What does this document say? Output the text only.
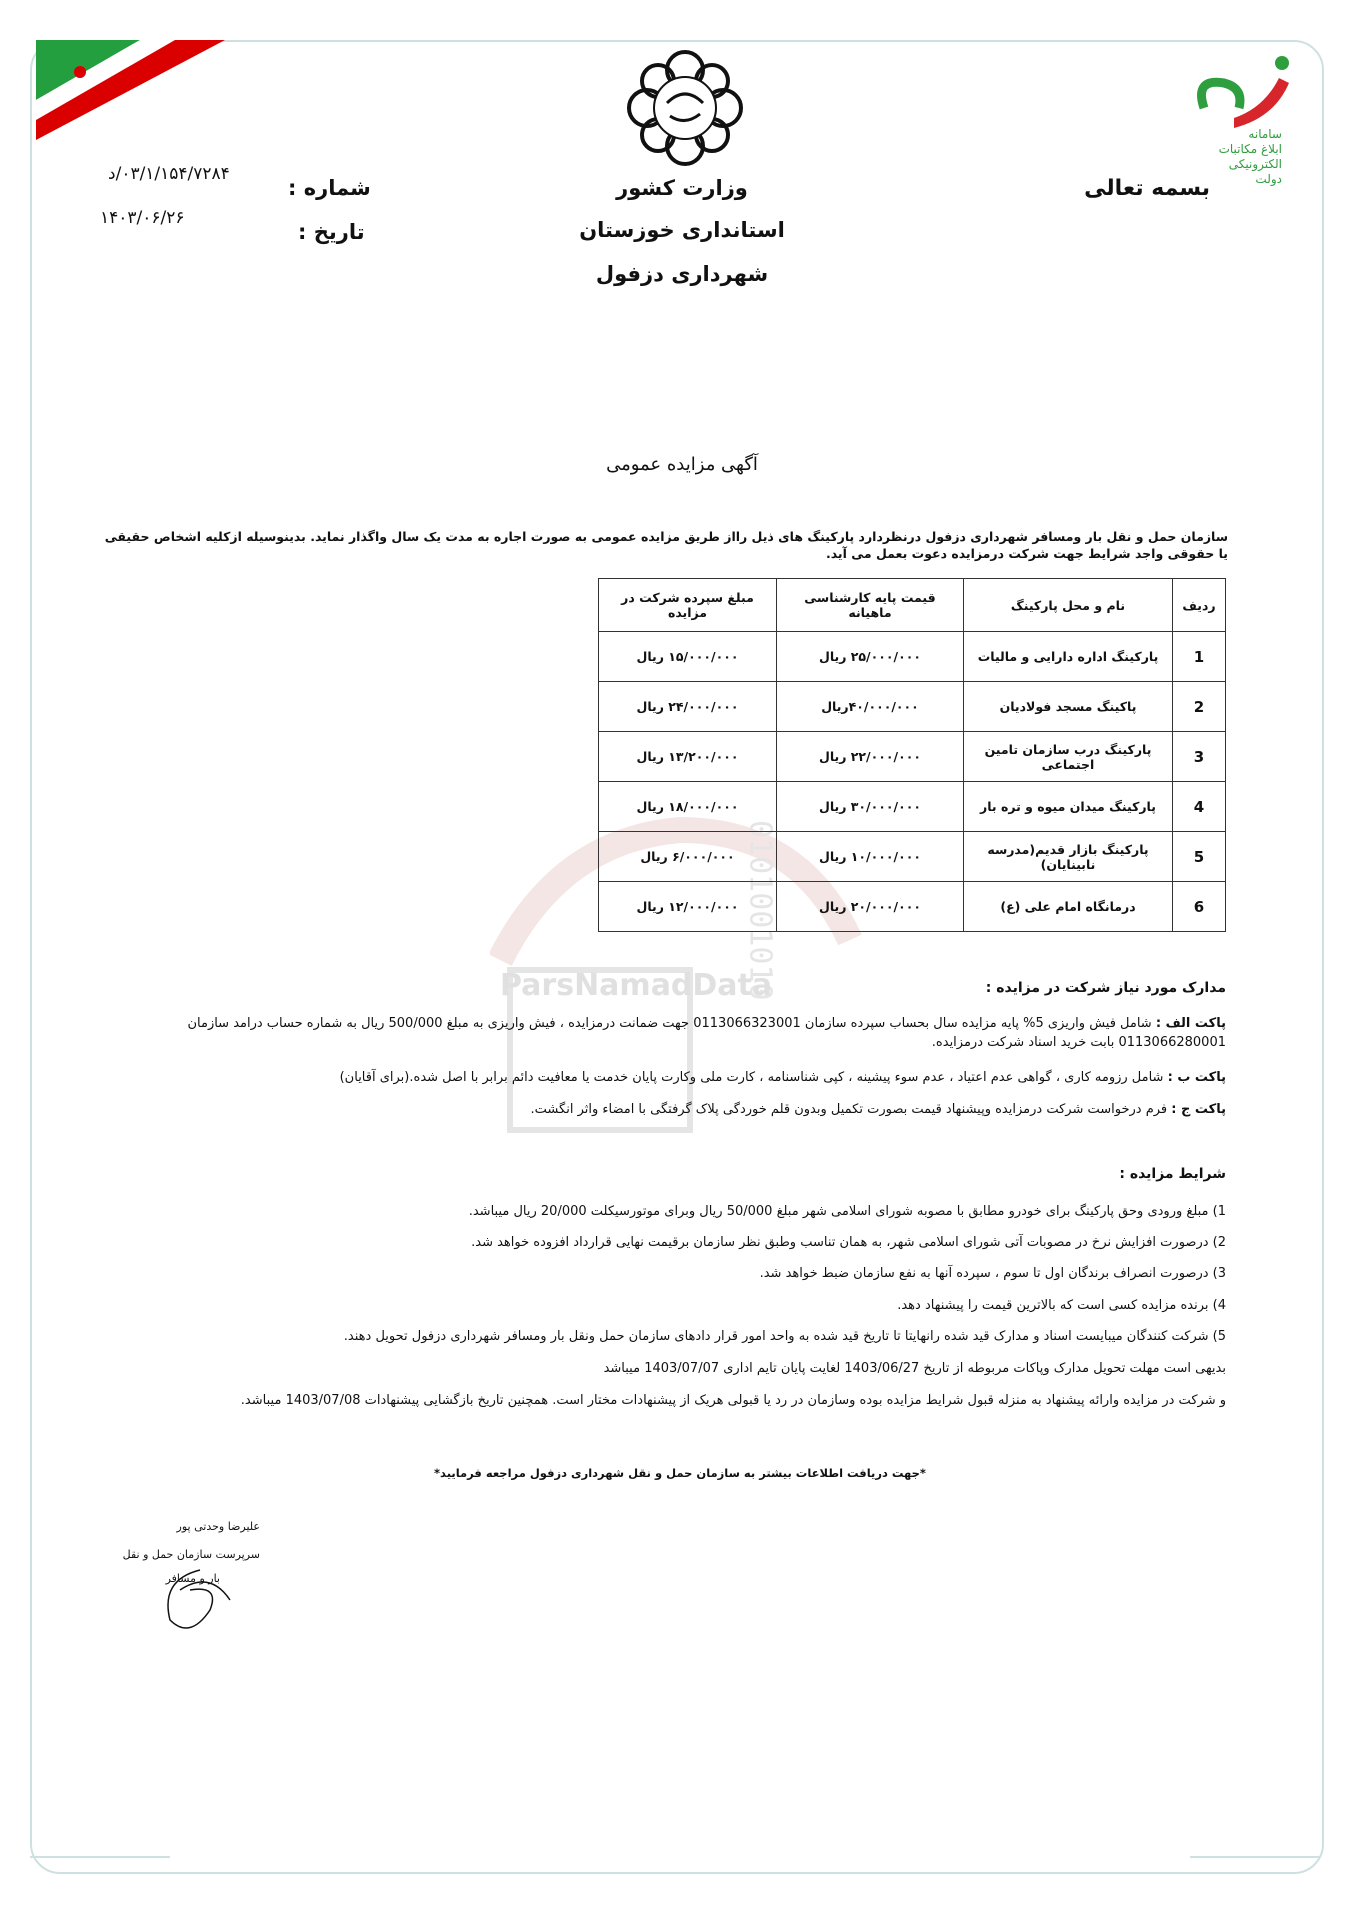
سامانه
ابلاغ مکاتبات
الکترونیکی
دولت
بسمه تعالی
وزارت کشور
استانداری خوزستان
شهرداری دزفول
شماره :
تاریخ :
۰۳/۱/۱۵۴/۷۲۸۴/د
۱۴۰۳/۰۶/۲۶
آگهی مزایده عمومی
سازمان حمل و نقل بار ومسافر شهرداری دزفول درنظردارد پارکینگ های ذیل رااز طریق مزایده عمومی به صورت اجاره به مدت یک سال واگذار نماید. بدینوسیله ازکلیه اشخاص حقیقی یا حقوقی واجد شرایط جهت شرکت درمزایده دعوت بعمل می آید.
0101001010
ParsNamadData
ردیف	نام و محل پارکینگ	قیمت پایه کارشناسی ماهیانه	مبلغ سپرده شرکت در مزایده
1	پارکینگ اداره دارایی و مالیات	۲۵/۰۰۰/۰۰۰ ریال	۱۵/۰۰۰/۰۰۰ ریال
2	پاکینگ مسجد فولادیان	۴۰/۰۰۰/۰۰۰ریال	۲۴/۰۰۰/۰۰۰ ریال
3	پارکینگ درب سازمان تامین اجتماعی	۲۲/۰۰۰/۰۰۰ ریال	۱۳/۲۰۰/۰۰۰ ریال
4	پارکینگ میدان میوه و تره بار	۳۰/۰۰۰/۰۰۰ ریال	۱۸/۰۰۰/۰۰۰ ریال
5	پارکینگ بازار قدیم(مدرسه نابینایان)	۱۰/۰۰۰/۰۰۰ ریال	۶/۰۰۰/۰۰۰ ریال
6	درمانگاه امام علی (ع)	۲۰/۰۰۰/۰۰۰ ریال	۱۲/۰۰۰/۰۰۰ ریال
مدارک مورد نیاز شرکت در مزایده :
پاکت الف : شامل فیش واریزی 5% پایه مزایده سال بحساب سپرده سازمان 0113066323001 جهت ضمانت درمزایده ، فیش واریزی به مبلغ 500/000 ریال به شماره حساب درامد سازمان 0113066280001 بابت خرید اسناد شرکت درمزایده.
پاکت ب : شامل رزومه کاری ، گواهی عدم اعتیاد ، عدم سوء پیشینه ، کپی شناسنامه ، کارت ملی وکارت پایان خدمت یا معافیت دائم برابر با اصل شده.(برای آقایان)
پاکت ج : فرم درخواست شرکت درمزایده وپیشنهاد قیمت بصورت تکمیل وبدون قلم خوردگی پلاک گرفتگی با امضاء واثر انگشت.
شرایط مزایده :
1) مبلغ ورودی وحق پارکینگ برای خودرو مطابق با مصوبه شورای اسلامی شهر مبلغ 50/000 ریال وبرای موتورسیکلت 20/000 ریال میباشد.
2) درصورت افزایش نرخ در مصوبات آتی شورای اسلامی شهر، به همان تناسب وطبق نظر سازمان برقیمت نهایی قرارداد افزوده خواهد شد.
3) درصورت انصراف برندگان اول تا سوم ، سپرده آنها به نفع سازمان ضبط خواهد شد.
4) برنده مزایده کسی است که بالاترین قیمت را پیشنهاد دهد.
5) شرکت کنندگان میبایست اسناد و مدارک قید شده رانهایتا تا تاریخ قید شده به واحد امور قرار دادهای سازمان حمل ونقل بار ومسافر شهرداری دزفول تحویل دهند.
بدیهی است مهلت تحویل مدارک وپاکات مربوطه از تاریخ 1403/06/27 لغایت پایان تایم اداری 1403/07/07 میباشد
و شرکت در مزایده وارائه پیشنهاد به منزله قبول شرایط مزایده بوده وسازمان در رد یا قبولی هریک از پیشنهادات مختار است. همچنین تاریخ بازگشایی پیشنهادات 1403/07/08 میباشد.
*جهت دریافت اطلاعات بیشتر به سازمان حمل و نقل شهرداری دزفول مراجعه فرمایید*
علیرضا وحدتی پور
سرپرست سازمان حمل و نقل
بار و مسافر
